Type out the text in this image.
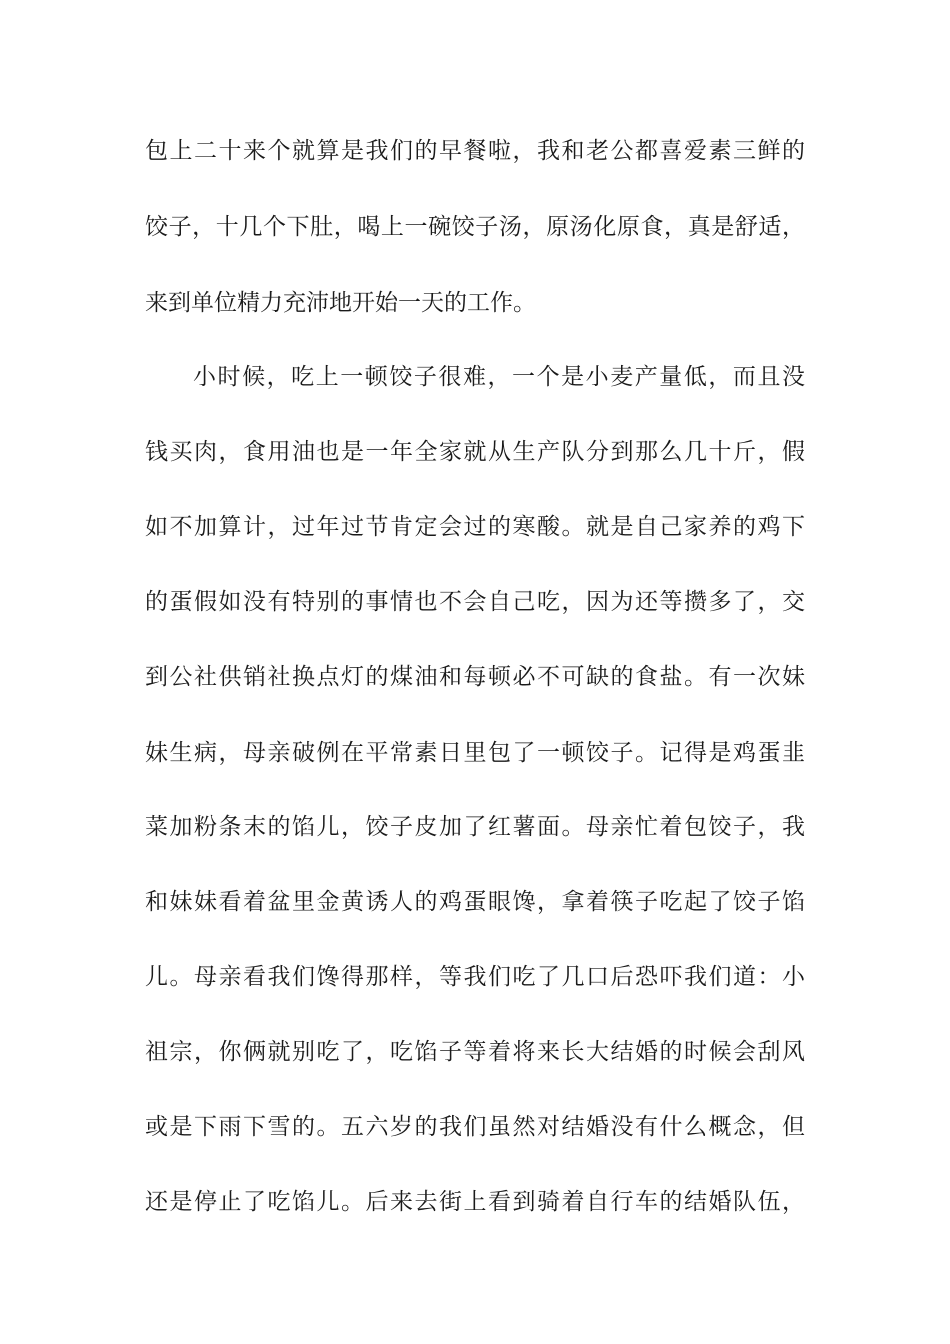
包上二十来个就算是我们的早餐啦，我和老公都喜爱素三鲜的
饺子，十几个下肚，喝上一碗饺子汤，原汤化原食，真是舒适，
来到单位精力充沛地开始一天的工作。
小时候，吃上一顿饺子很难，一个是小麦产量低，而且没
钱买肉，食用油也是一年全家就从生产队分到那么几十斤，假
如不加算计，过年过节肯定会过的寒酸。就是自己家养的鸡下
的蛋假如没有特别的事情也不会自己吃，因为还等攒多了，交
到公社供销社换点灯的煤油和每顿必不可缺的食盐。有一次妹
妹生病，母亲破例在平常素日里包了一顿饺子。记得是鸡蛋韭
菜加粉条末的馅儿，饺子皮加了红薯面。母亲忙着包饺子，我
和妹妹看着盆里金黄诱人的鸡蛋眼馋，拿着筷子吃起了饺子馅
儿。母亲看我们馋得那样，等我们吃了几口后恐吓我们道：小
祖宗，你俩就别吃了，吃馅子等着将来长大结婚的时候会刮风
或是下雨下雪的。五六岁的我们虽然对结婚没有什么概念，但
还是停止了吃馅儿。后来去街上看到骑着自行车的结婚队伍，
